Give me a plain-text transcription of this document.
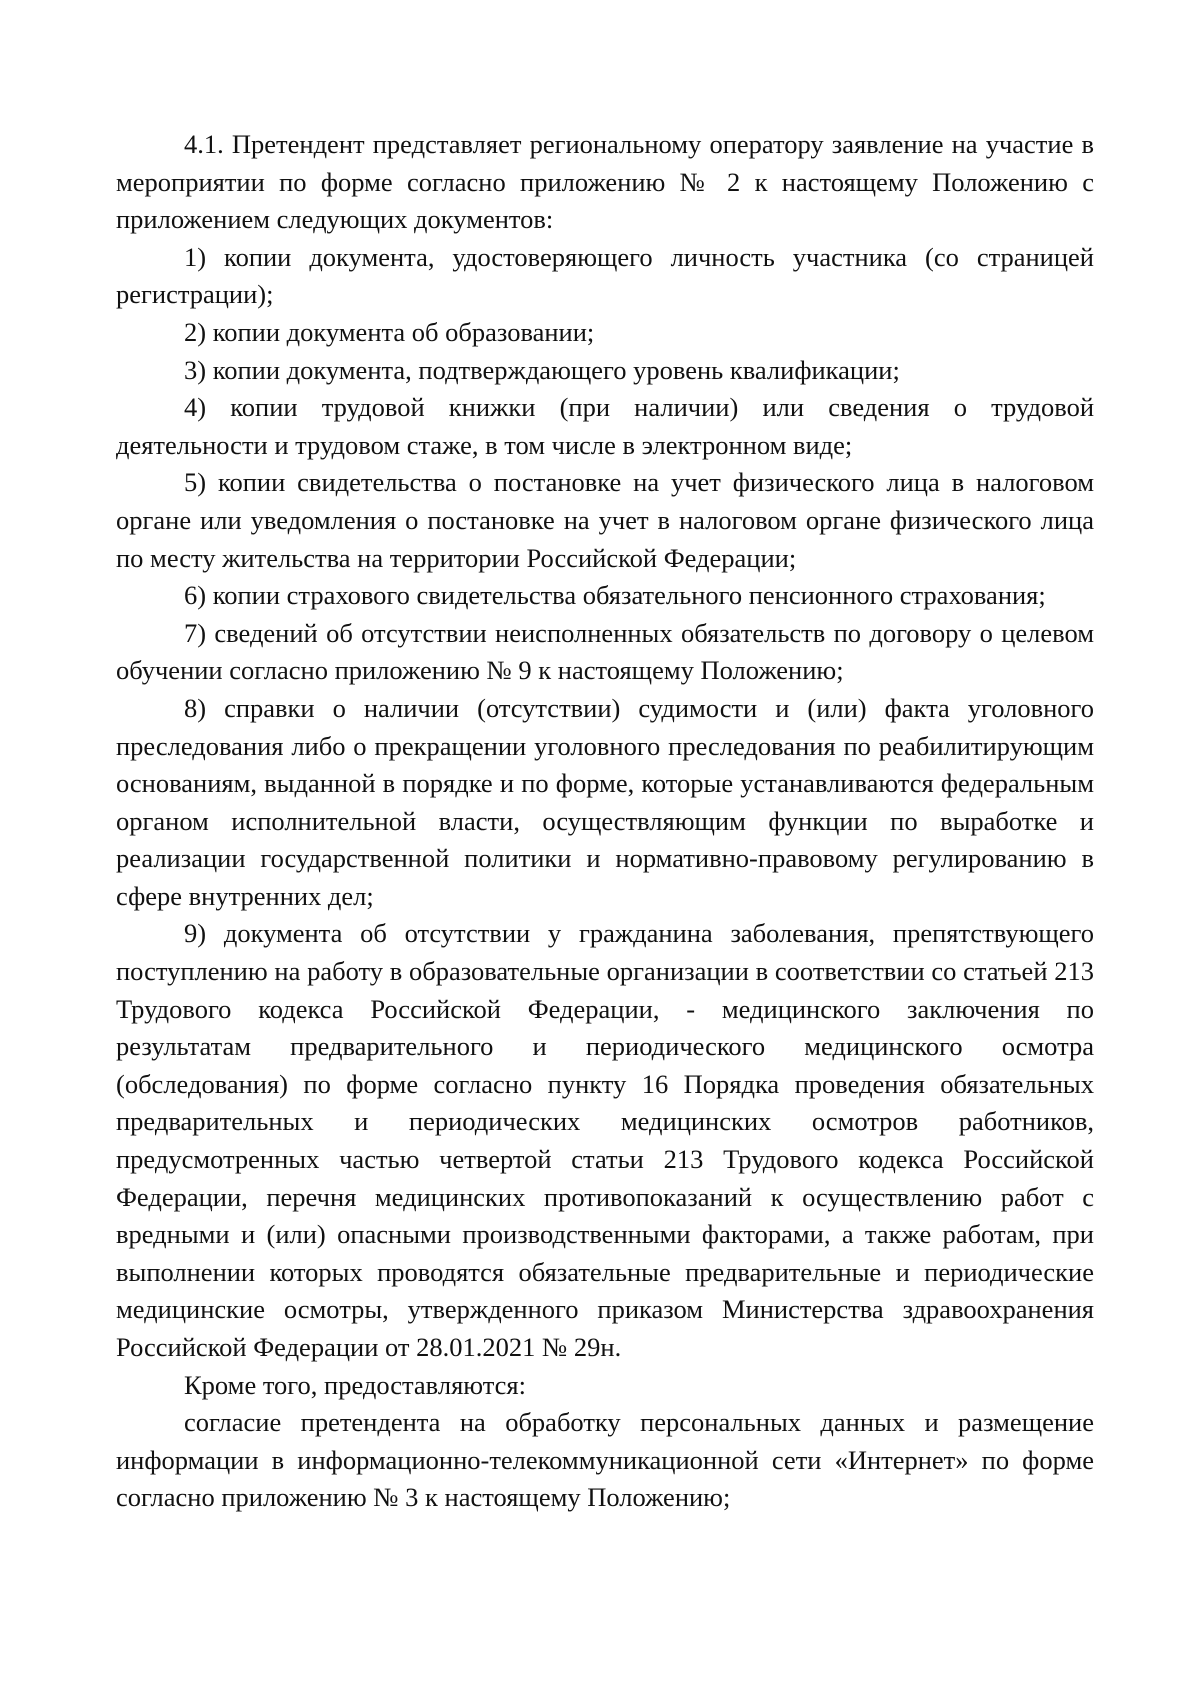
4.1. Претендент представляет региональному оператору заявление на участие в мероприятии по форме согласно приложению № 2 к настоящему Положению с приложением следующих документов:

1) копии документа, удостоверяющего личность участника (со страницей регистрации);

2) копии документа об образовании;

3) копии документа, подтверждающего уровень квалификации;

4) копии трудовой книжки (при наличии) или сведения о трудовой деятельности и трудовом стаже, в том числе в электронном виде;

5) копии свидетельства о постановке на учет физического лица в налоговом органе или уведомления о постановке на учет в налоговом органе физического лица по месту жительства на территории Российской Федерации;

6) копии страхового свидетельства обязательного пенсионного страхования;

7) сведений об отсутствии неисполненных обязательств по договору о целевом обучении согласно приложению № 9 к настоящему Положению;

8) справки о наличии (отсутствии) судимости и (или) факта уголовного преследования либо о прекращении уголовного преследования по реабилитирующим основаниям, выданной в порядке и по форме, которые устанавливаются федеральным органом исполнительной власти, осуществляющим функции по выработке и реализации государственной политики и нормативно-правовому регулированию в сфере внутренних дел;

9) документа об отсутствии у гражданина заболевания, препятствующего поступлению на работу в образовательные организации в соответствии со статьей 213 Трудового кодекса Российской Федерации, - медицинского заключения по результатам предварительного и периодического медицинского осмотра (обследования) по форме согласно пункту 16 Порядка проведения обязательных предварительных и периодических медицинских осмотров работников, предусмотренных частью четвертой статьи 213 Трудового кодекса Российской Федерации, перечня медицинских противопоказаний к осуществлению работ с вредными и (или) опасными производственными факторами, а также работам, при выполнении которых проводятся обязательные предварительные и периодические медицинские осмотры, утвержденного приказом Министерства здравоохранения Российской Федерации от 28.01.2021 № 29н.

Кроме того, предоставляются:

согласие претендента на обработку персональных данных и размещение информации в информационно-телекоммуникационной сети «Интернет» по форме согласно приложению № 3 к настоящему Положению;
